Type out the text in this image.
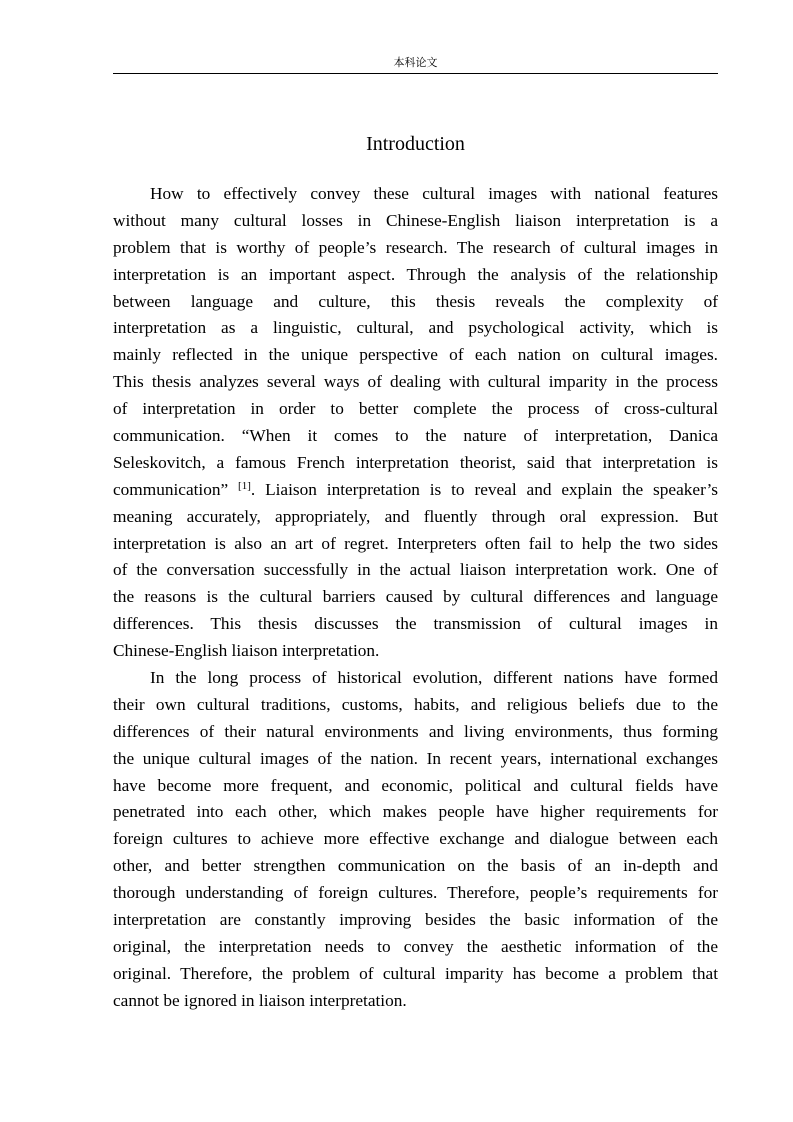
本科论文
Introduction
How to effectively convey these cultural images with national features
without many cultural losses in Chinese-English liaison interpretation is a
problem that is worthy of people’s research. The research of cultural images in
interpretation is an important aspect. Through the analysis of the relationship
between language and culture, this thesis reveals the complexity of
interpretation as a linguistic, cultural, and psychological activity, which is
mainly reflected in the unique perspective of each nation on cultural images.
This thesis analyzes several ways of dealing with cultural imparity in the process
of interpretation in order to better complete the process of cross-cultural
communication. “When it comes to the nature of interpretation, Danica
Seleskovitch, a famous French interpretation theorist, said that interpretation is
communication” [1]. Liaison interpretation is to reveal and explain the speaker’s
meaning accurately, appropriately, and fluently through oral expression. But
interpretation is also an art of regret. Interpreters often fail to help the two sides
of the conversation successfully in the actual liaison interpretation work. One of
the reasons is the cultural barriers caused by cultural differences and language
differences. This thesis discusses the transmission of cultural images in
Chinese-English liaison interpretation.
In the long process of historical evolution, different nations have formed
their own cultural traditions, customs, habits, and religious beliefs due to the
differences of their natural environments and living environments, thus forming
the unique cultural images of the nation. In recent years, international exchanges
have become more frequent, and economic, political and cultural fields have
penetrated into each other, which makes people have higher requirements for
foreign cultures to achieve more effective exchange and dialogue between each
other, and better strengthen communication on the basis of an in-depth and
thorough understanding of foreign cultures. Therefore, people’s requirements for
interpretation are constantly improving besides the basic information of the
original, the interpretation needs to convey the aesthetic information of the
original. Therefore, the problem of cultural imparity has become a problem that
cannot be ignored in liaison interpretation.
